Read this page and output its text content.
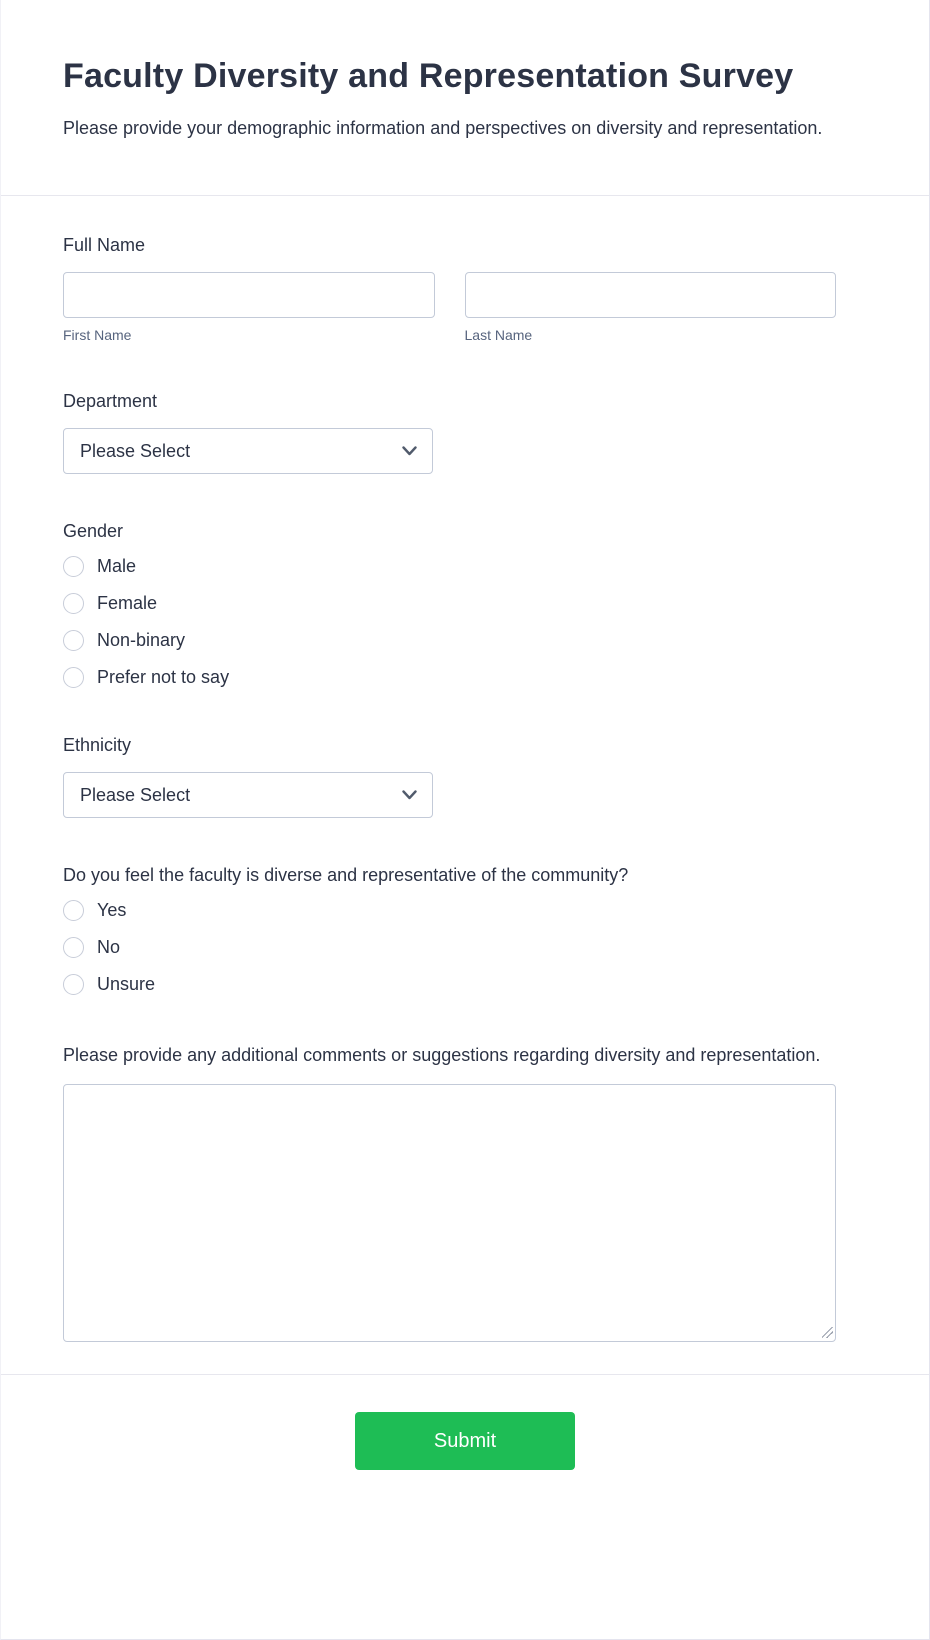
Faculty Diversity and Representation Survey

Please provide your demographic information and perspectives on diversity and representation.

Full Name
First Name	Last Name
Department
Please Select
Gender
Male
Female
Non-binary
Prefer not to say
Ethnicity
Please Select
Do you feel the faculty is diverse and representative of the community?
Yes
No
Unsure
Please provide any additional comments or suggestions regarding diversity and representation.
Submit
